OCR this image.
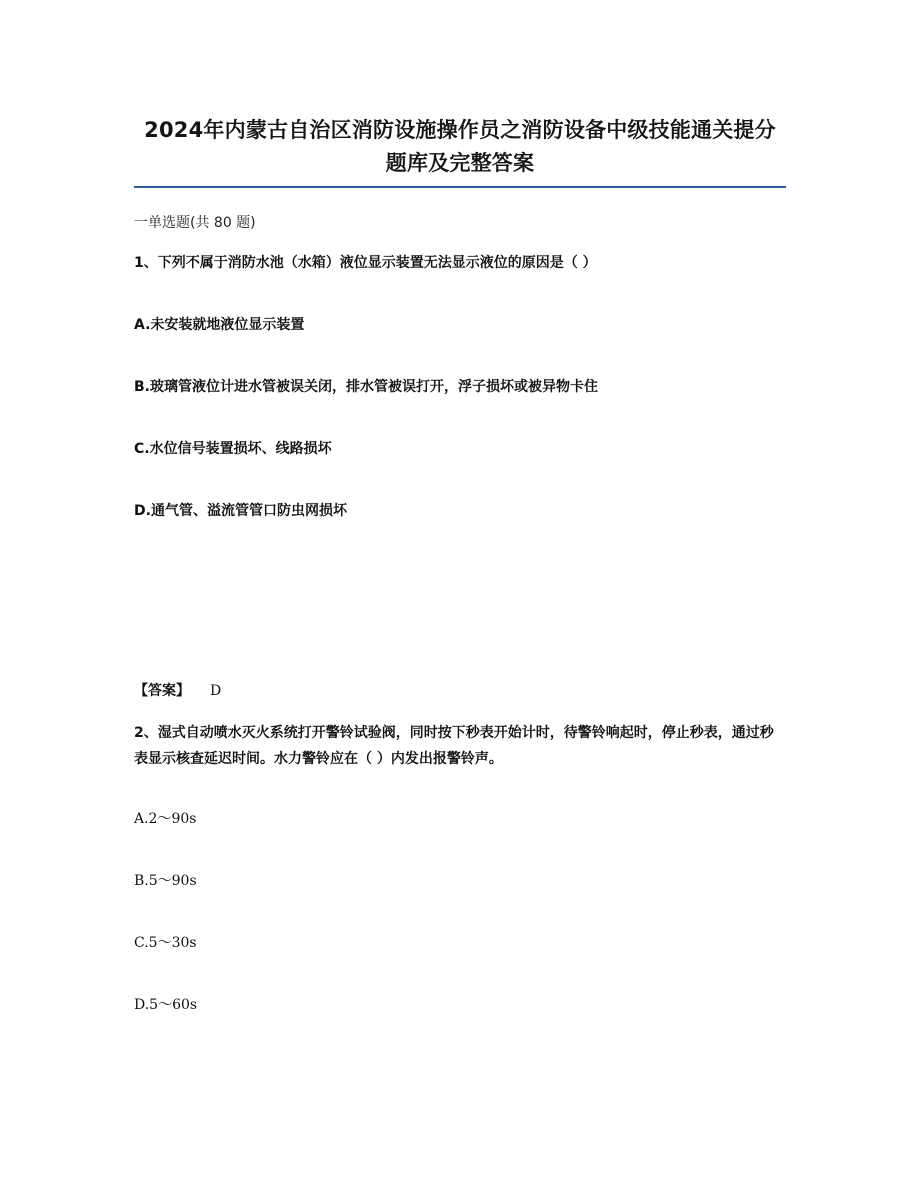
2024年内蒙古自治区消防设施操作员之消防设备中级技能通关提分题库及完整答案
一单选题(共 80 题)
1、下列不属于消防水池（水箱）液位显示装置无法显示液位的原因是（ ）
A.未安装就地液位显示装置
B.玻璃管液位计进水管被误关闭，排水管被误打开，浮子损坏或被异物卡住
C.水位信号装置损坏、线路损坏
D.通气管、溢流管管口防虫网损坏
【答案】 D
2、湿式自动喷水灭火系统打开警铃试验阀，同时按下秒表开始计时，待警铃响起时，停止秒表，通过秒表显示核查延迟时间。水力警铃应在（ ）内发出报警铃声。
A.2～90s
B.5～90s
C.5～30s
D.5～60s
